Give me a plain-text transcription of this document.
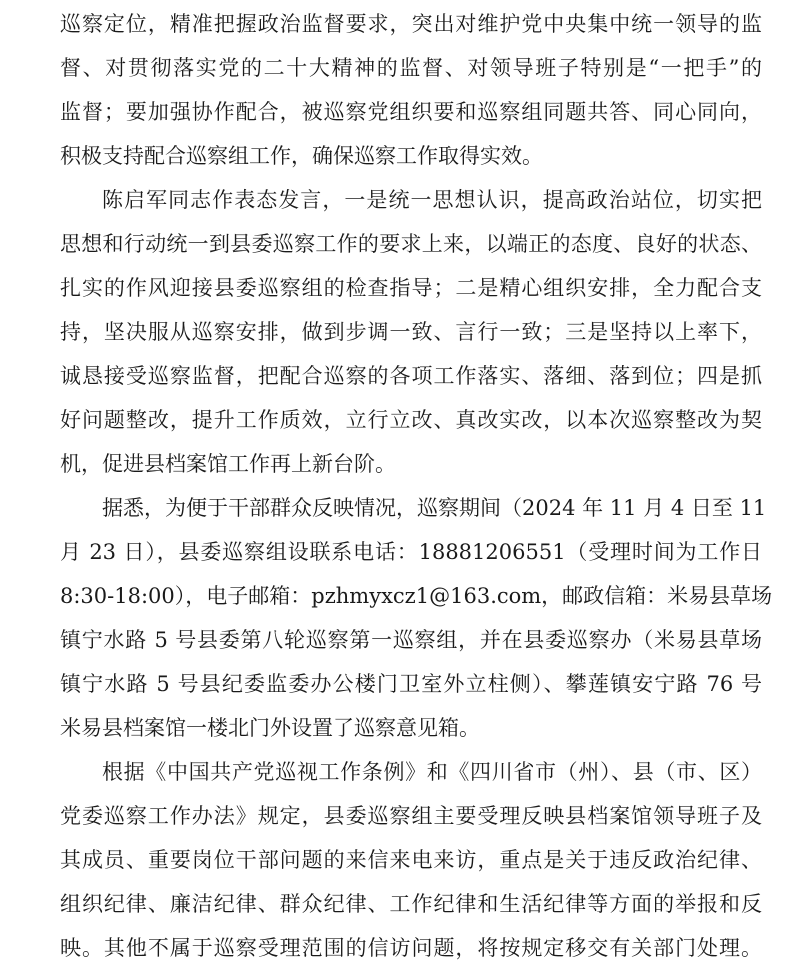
巡察定位，精准把握政治监督要求，突出对维护党中央集中统一领导的监
督、对贯彻落实党的二十大精神的监督、对领导班子特别是“一把手”的
监督；要加强协作配合，被巡察党组织要和巡察组同题共答、同心同向，
积极支持配合巡察组工作，确保巡察工作取得实效。
陈启军同志作表态发言，一是统一思想认识，提高政治站位，切实把
思想和行动统一到县委巡察工作的要求上来，以端正的态度、良好的状态、
扎实的作风迎接县委巡察组的检查指导；二是精心组织安排，全力配合支
持，坚决服从巡察安排，做到步调一致、言行一致；三是坚持以上率下，
诚恳接受巡察监督，把配合巡察的各项工作落实、落细、落到位；四是抓
好问题整改，提升工作质效，立行立改、真改实改，以本次巡察整改为契
机，促进县档案馆工作再上新台阶。
据悉，为便于干部群众反映情况，巡察期间（2024 年 11 月 4 日至 11
月 23 日），县委巡察组设联系电话：18881206551（受理时间为工作日
8:30-18:00），电子邮箱：pzhmyxcz1@163.com，邮政信箱：米易县草场
镇宁水路 5 号县委第八轮巡察第一巡察组，并在县委巡察办（米易县草场
镇宁水路 5 号县纪委监委办公楼门卫室外立柱侧）、攀莲镇安宁路 76 号
米易县档案馆一楼北门外设置了巡察意见箱。
根据《中国共产党巡视工作条例》和《四川省市（州）、县（市、区）
党委巡察工作办法》规定，县委巡察组主要受理反映县档案馆领导班子及
其成员、重要岗位干部问题的来信来电来访，重点是关于违反政治纪律、
组织纪律、廉洁纪律、群众纪律、工作纪律和生活纪律等方面的举报和反
映。其他不属于巡察受理范围的信访问题，将按规定移交有关部门处理。
